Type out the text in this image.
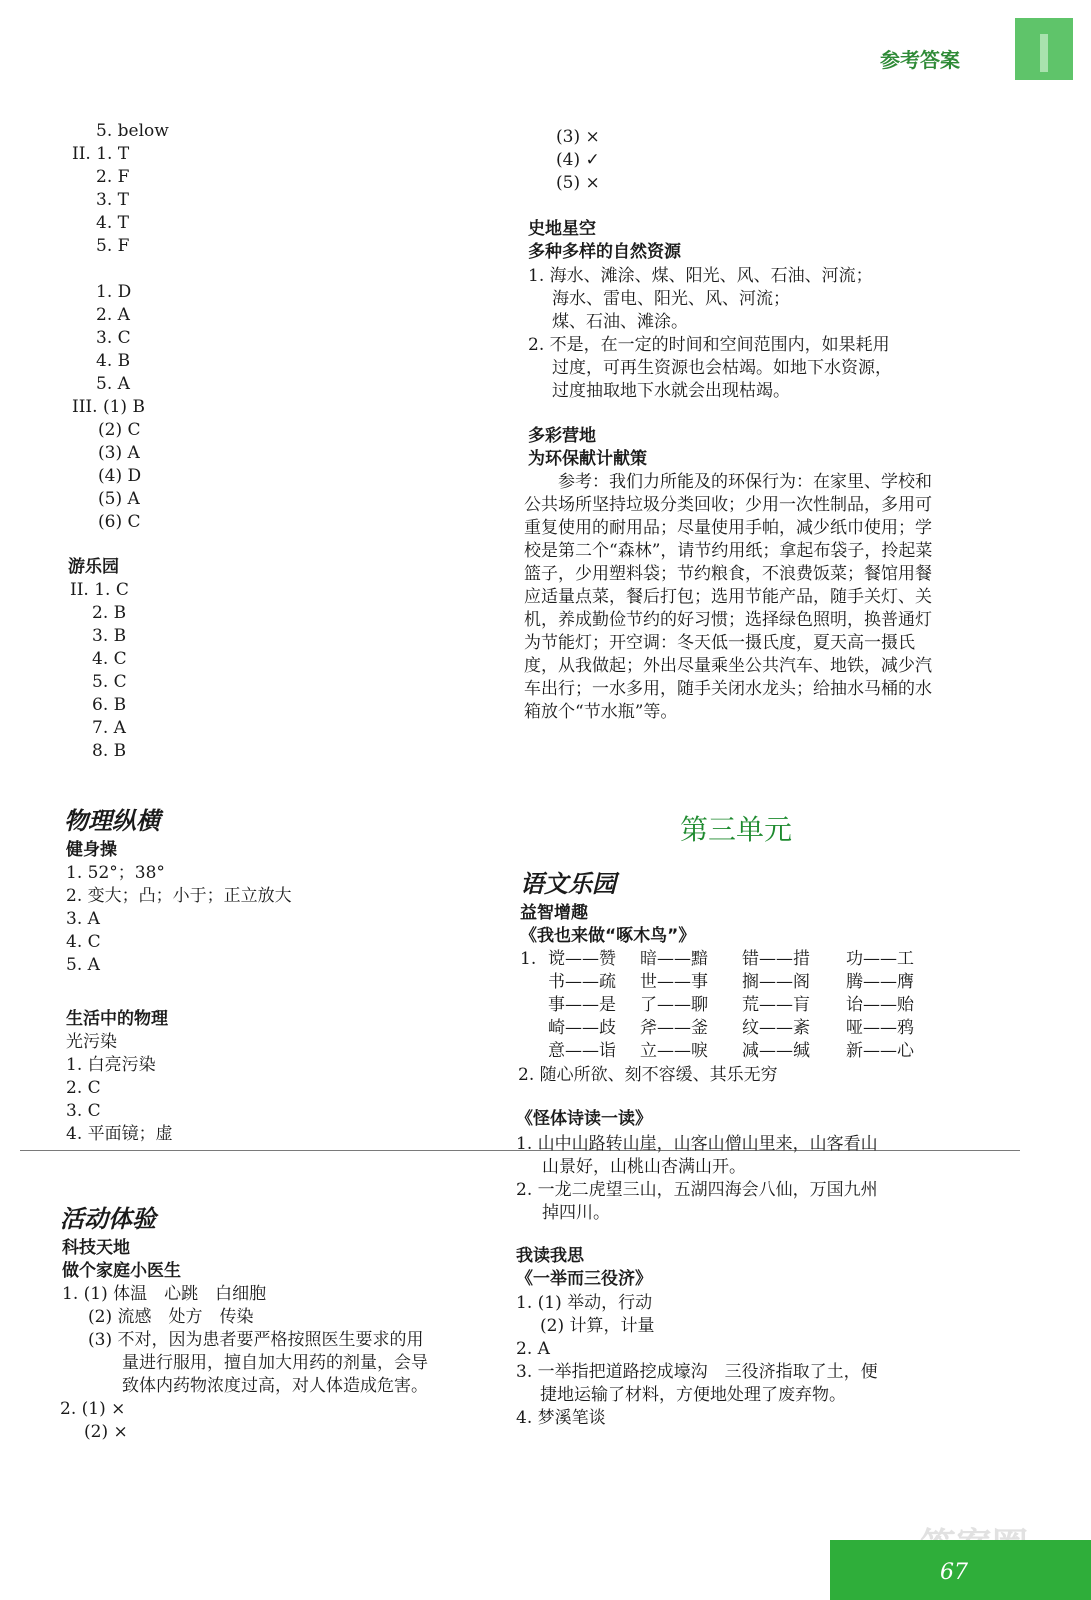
参考答案
5. below
II. 1. T
2. F
3. T
4. T
5. F
1. D
2. A
3. C
4. B
5. A
III. (1) B
(2) C
(3) A
(4) D
(5) A
(6) C
游乐园
II. 1. C
2. B
3. B
4. C
5. C
6. B
7. A
8. B
物理纵横
健身操
1. 52°；38°
2. 变大；凸；小于；正立放大
3. A
4. C
5. A
生活中的物理
光污染
1. 白亮污染
2. C
3. C
4. 平面镜；虚
活动体验
科技天地
做个家庭小医生
1. (1) 体温　心跳　白细胞
(2) 流感　处方　传染
(3) 不对，因为患者要严格按照医生要求的用
量进行服用，擅自加大用药的剂量，会导
致体内药物浓度过高，对人体造成危害。
2. (1) ×
(2) ×
(3) ×
(4) ✓
(5) ×
史地星空
多种多样的自然资源
1. 海水、滩涂、煤、阳光、风、石油、河流；
海水、雷电、阳光、风、河流；
煤、石油、滩涂。
2. 不是，在一定的时间和空间范围内，如果耗用
过度，可再生资源也会枯竭。如地下水资源，
过度抽取地下水就会出现枯竭。
多彩营地
为环保献计献策
参考：我们力所能及的环保行为：在家里、学校和公共场所坚持垃圾分类回收；少用一次性制品，多用可重复使用的耐用品；尽量使用手帕，减少纸巾使用；学校是第二个“森林”，请节约用纸；拿起布袋子，拎起菜篮子，少用塑料袋；节约粮食，不浪费饭菜；餐馆用餐应适量点菜，餐后打包；选用节能产品，随手关灯、关机，养成勤俭节约的好习惯；选择绿色照明，换普通灯为节能灯；开空调：冬天低一摄氏度，夏天高一摄氏度，从我做起；外出尽量乘坐公共汽车、地铁，减少汽车出行；一水多用，随手关闭水龙头；给抽水马桶的水箱放个“节水瓶”等。
第三单元
语文乐园
益智增趣
《我也来做“啄木鸟”》
1. 谠——赞 暗——黯 错——措 功——工
书——疏 世——事 搁——阁 腾——膺
事——是 了——聊 荒——肓 诒——贻
崎——歧 斧——釜 纹——紊 哑——鸦
意——诣 立——唳 减——缄 新——心
2. 随心所欲、刻不容缓、其乐无穷
《怪体诗读一读》
1. 山中山路转山崖，山客山僧山里来，山客看山
山景好，山桃山杏满山开。
2. 一龙二虎望三山，五湖四海会八仙，万国九州
掉四川。
我读我思
《一举而三役济》
1. (1) 举动，行动
(2) 计算，计量
2. A
3. 一举指把道路挖成壕沟　三役济指取了土，便
捷地运输了材料，方便地处理了废弃物。
4. 梦溪笔谈
67
